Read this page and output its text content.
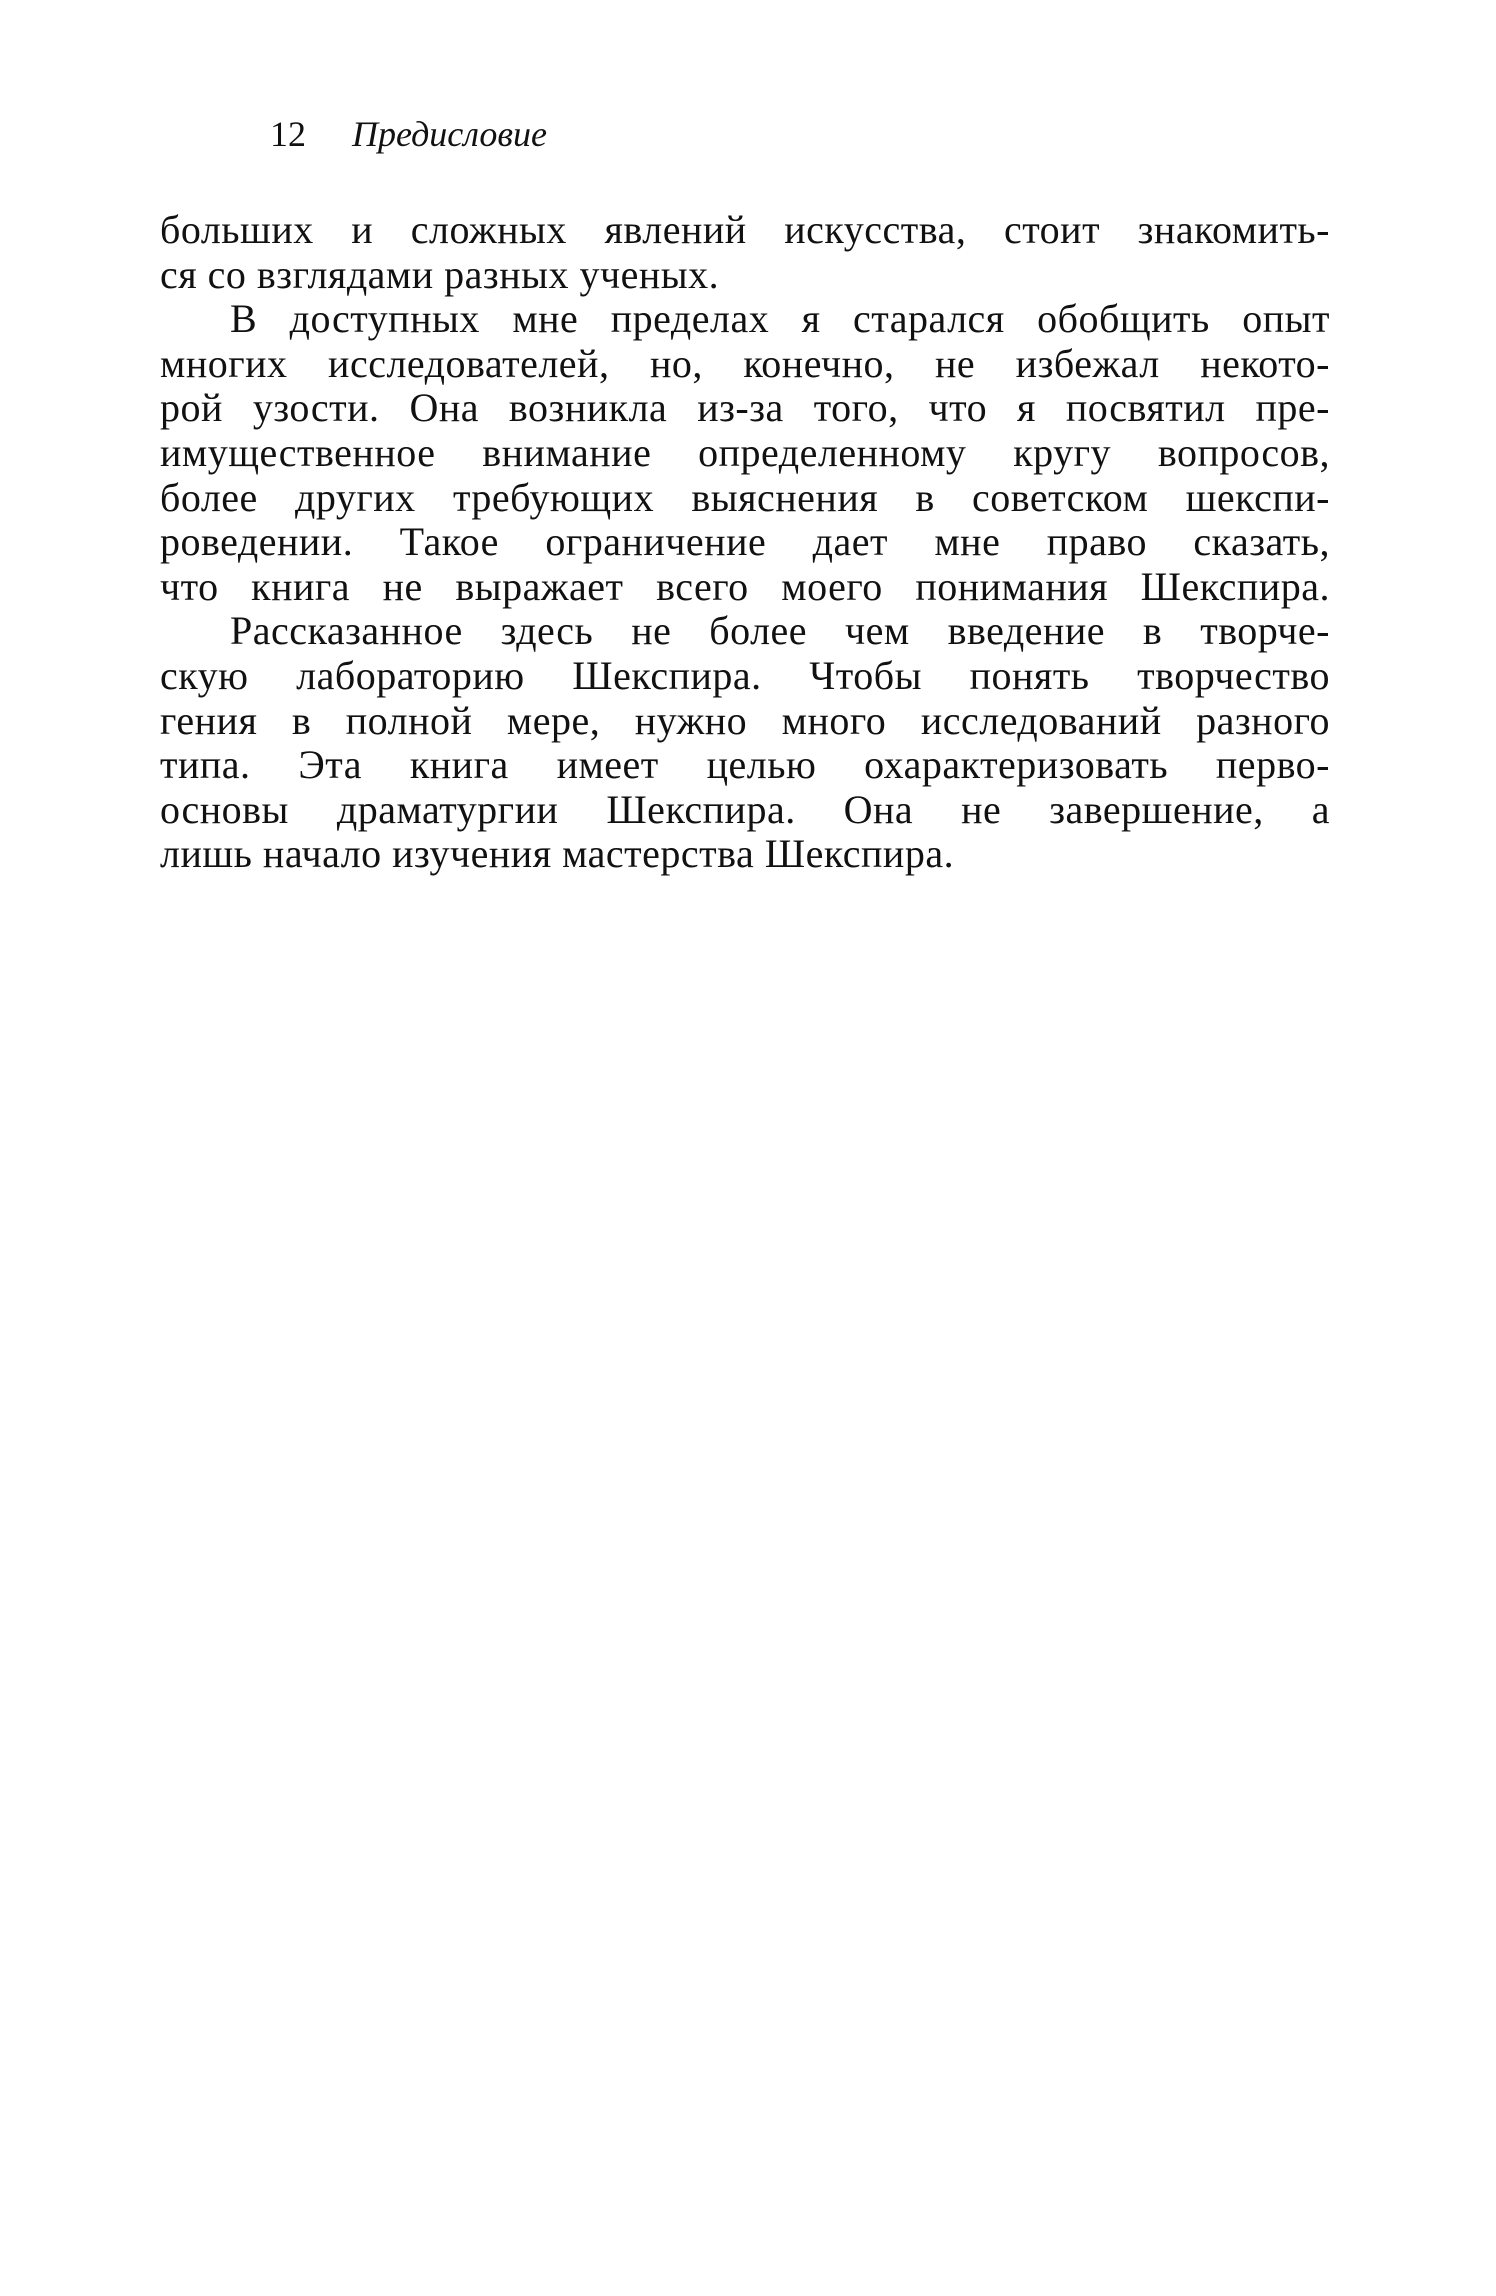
12 Предисловие
больших и сложных явлений искусства, стоит знакомить-
ся со взглядами разных ученых.
В доступных мне пределах я старался обобщить опыт
многих исследователей, но, конечно, не избежал некото-
рой узости. Она возникла из-за того, что я посвятил пре-
имущественное внимание определенному кругу вопросов,
более других требующих выяснения в советском шекспи-
роведении. Такое ограничение дает мне право сказать,
что книга не выражает всего моего понимания Шекспира.
Рассказанное здесь не более чем введение в творче-
скую лабораторию Шекспира. Чтобы понять творчество
гения в полной мере, нужно много исследований разного
типа. Эта книга имеет целью охарактеризовать перво-
основы драматургии Шекспира. Она не завершение, а
лишь начало изучения мастерства Шекспира.
